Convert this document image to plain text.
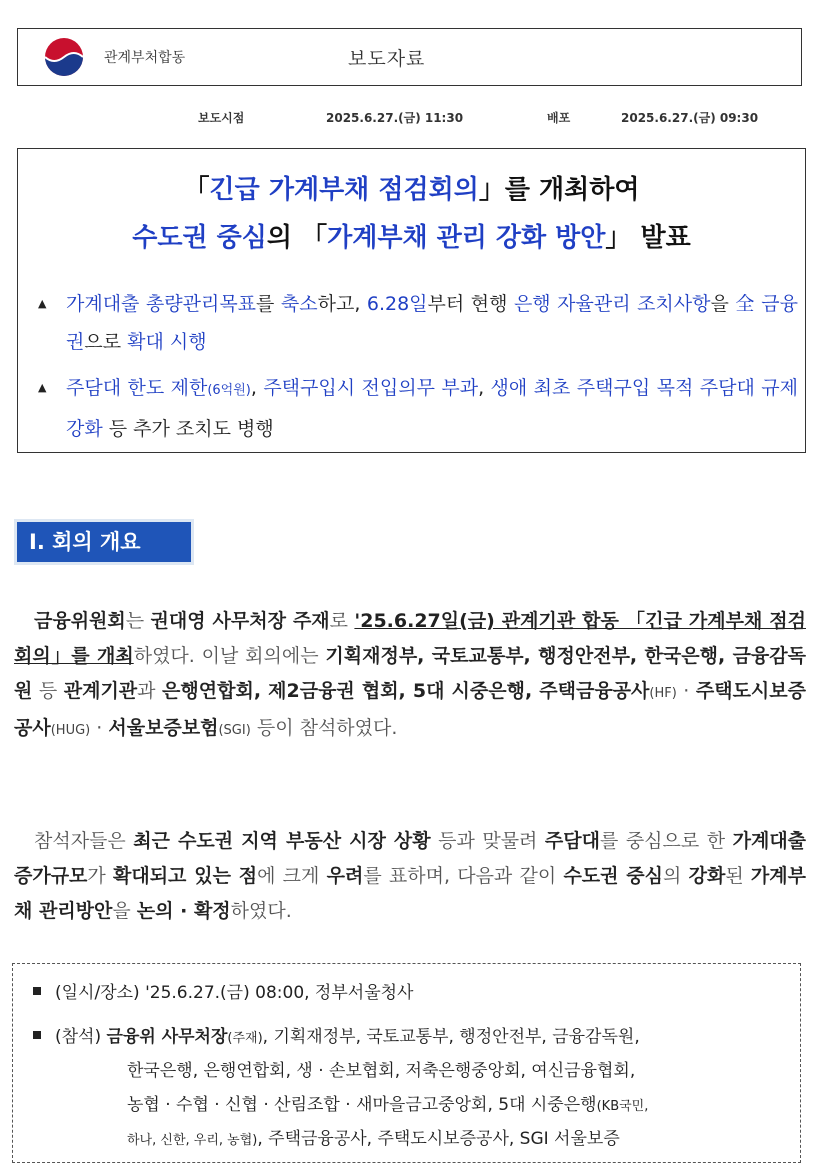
관계부처합동	보도자료
보도시점	2025.6.27.(금) 11:30	배포	2025.6.27.(금) 09:30
「긴급 가계부채 점검회의」를 개최하여
수도권 중심의 「가계부채 관리 강화 방안」 발표
▲ 가계대출 총량관리목표를 축소하고, 6.28일부터 현행 은행 자율관리 조치사항을 全 금융권으로 확대 시행
▲ 주담대 한도 제한(6억원), 주택구입시 전입의무 부과, 생애 최초 주택구입 목적 주담대 규제 강화 등 추가 조치도 병행
I. 회의 개요
금융위원회는 권대영 사무처장 주재로 '25.6.27일(금) 관계기관 합동 「긴급 가계부채 점검회의」를 개최하였다. 이날 회의에는 기획재정부, 국토교통부, 행정안전부, 한국은행, 금융감독원 등 관계기관과 은행연합회, 제2금융권 협회, 5대 시중은행, 주택금융공사(HF) · 주택도시보증공사(HUG) · 서울보증보험(SGI) 등이 참석하였다.
참석자들은 최근 수도권 지역 부동산 시장 상황 등과 맞물려 주담대를 중심으로 한 가계대출 증가규모가 확대되고 있는 점에 크게 우려를 표하며, 다음과 같이 수도권 중심의 강화된 가계부채 관리방안을 논의 · 확정하였다.
(일시/장소) '25.6.27.(금) 08:00, 정부서울청사
(참석) 금융위 사무처장(주재), 기획재정부, 국토교통부, 행정안전부, 금융감독원,
한국은행, 은행연합회, 생 · 손보협회, 저축은행중앙회, 여신금융협회,
농협 · 수협 · 신협 · 산림조합 · 새마을금고중앙회, 5대 시중은행(KB국민,
하나, 신한, 우리, 농협), 주택금융공사, 주택도시보증공사, SGI 서울보증
